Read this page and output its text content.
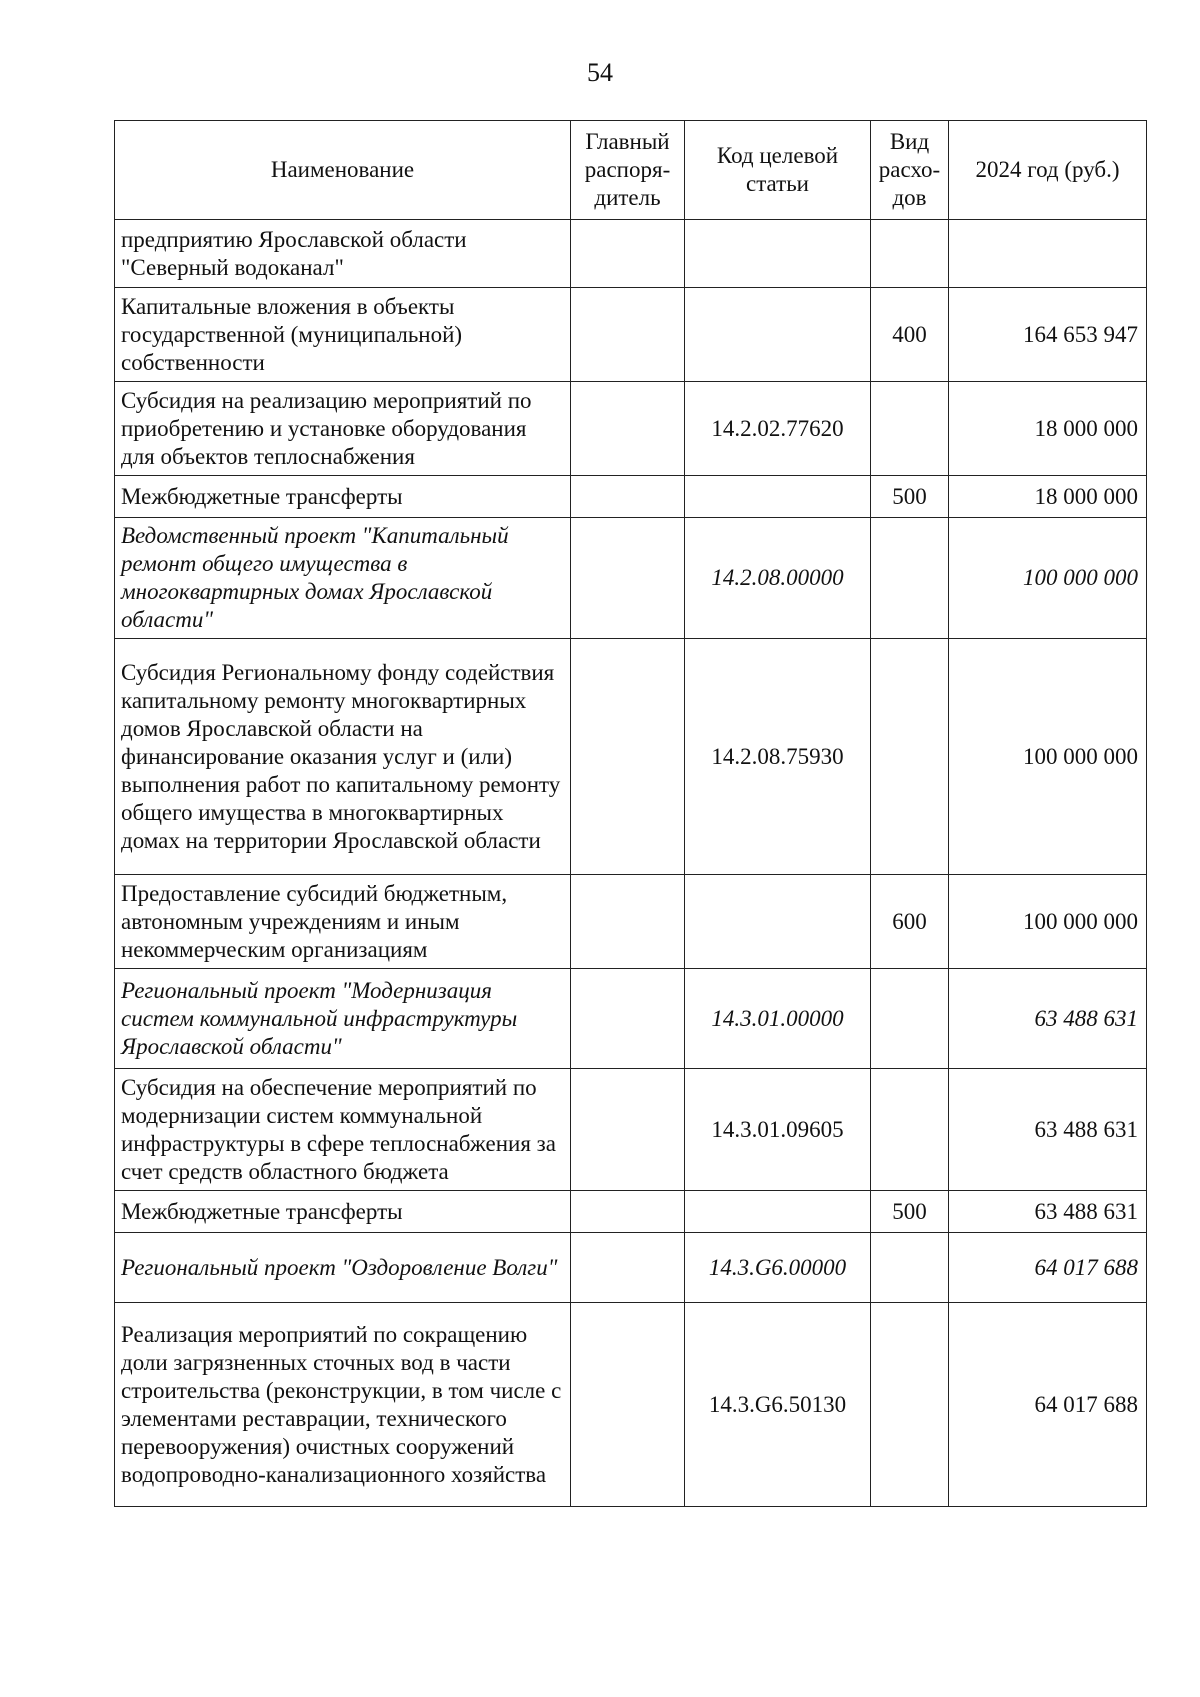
54
Наименование	Главный распоря-дитель	Код целевой статьи	Вид расхо-дов	2024 год (руб.)
предприятию Ярославской области "Северный водоканал"				
Капитальные вложения в объекты государственной (муниципальной) собственности			400	164 653 947
Субсидия на реализацию мероприятий по приобретению и установке оборудования для объектов теплоснабжения		14.2.02.77620		18 000 000
Межбюджетные трансферты			500	18 000 000
Ведомственный проект "Капитальный ремонт общего имущества в многоквартирных домах Ярославской области"		14.2.08.00000		100 000 000
Субсидия Региональному фонду содействия капитальному ремонту многоквартирных домов Ярославской области на финансирование оказания услуг и (или) выполнения работ по капитальному ремонту общего имущества в многоквартирных домах на территории Ярославской области		14.2.08.75930		100 000 000
Предоставление субсидий бюджетным, автономным учреждениям и иным некоммерческим организациям			600	100 000 000
Региональный проект "Модернизация систем коммунальной инфраструктуры Ярославской области"		14.3.01.00000		63 488 631
Субсидия на обеспечение мероприятий по модернизации систем коммунальной инфраструктуры в сфере теплоснабжения за счет средств областного бюджета		14.3.01.09605		63 488 631
Межбюджетные трансферты			500	63 488 631
Региональный проект "Оздоровление Волги"		14.3.G6.00000		64 017 688
Реализация мероприятий по сокращению доли загрязненных сточных вод в части строительства (реконструкции, в том числе с элементами реставрации, технического перевооружения) очистных сооружений водопроводно-канализационного хозяйства		14.3.G6.50130		64 017 688
